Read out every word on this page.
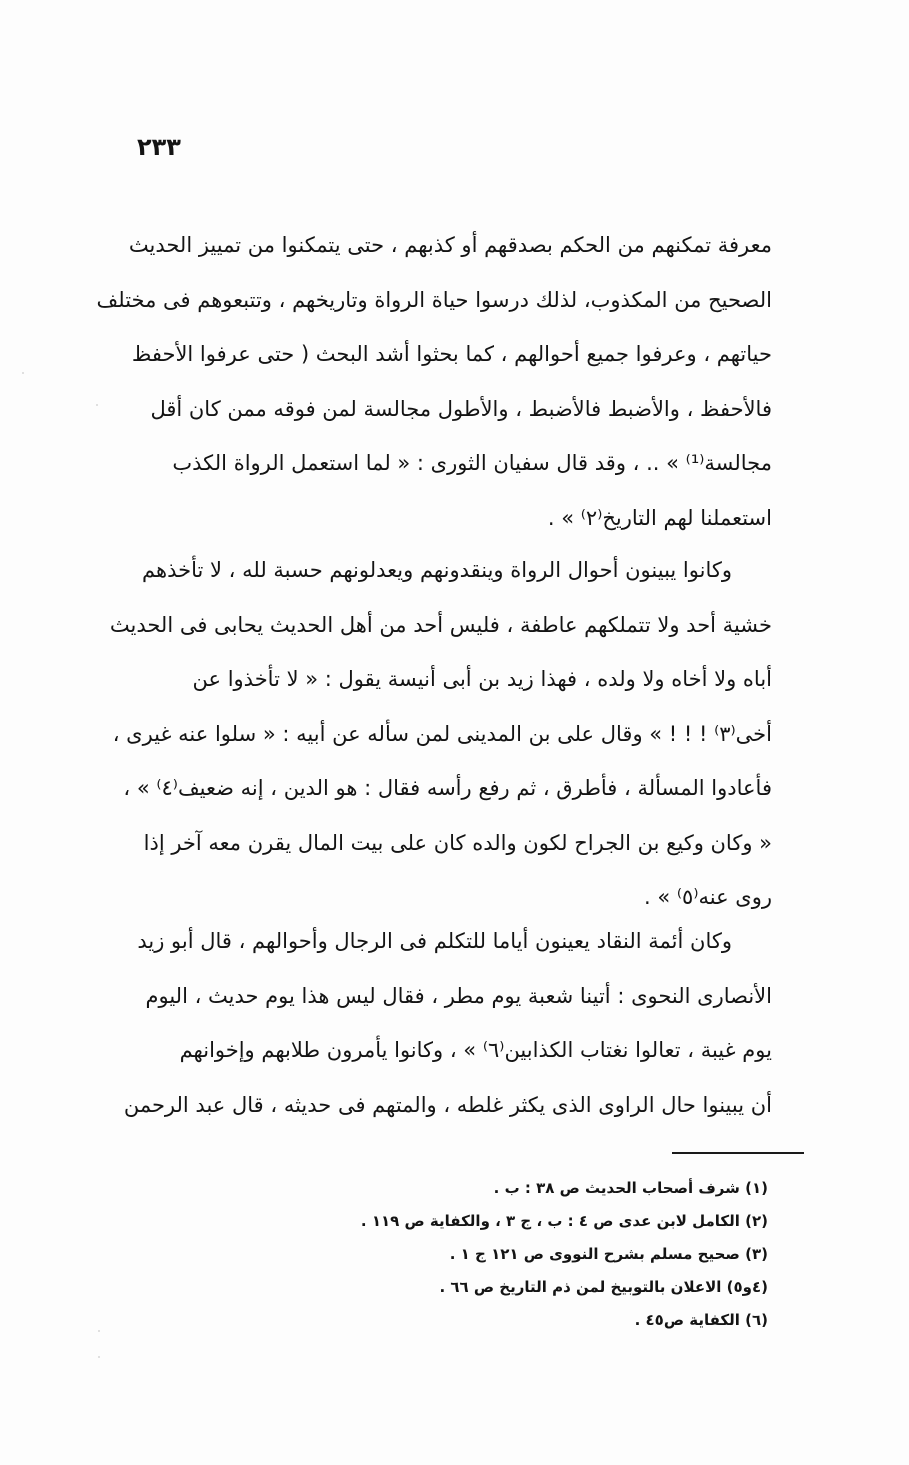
٢٣٣
معرفة تمكنهم من الحكم بصدقهم أو كذبهم ، حتى يتمكنوا من تمييز الحديث
الصحيح من المكذوب، لذلك درسوا حياة الرواة وتاريخهم ، وتتبعوهم فى مختلف
حياتهم ، وعرفوا جميع أحوالهم ، كما بحثوا أشد البحث ( حتى عرفوا الأحفظ
فالأحفظ ، والأضبط فالأضبط ، والأطول مجالسة لمن فوقه ممن كان أقل
مجالسة⁽¹⁾ » .. ، وقد قال سفيان الثورى : « لما استعمل الرواة الكذب
استعملنا لهم التاريخ⁽٢⁾ » .
وكانوا يبينون أحوال الرواة وينقدونهم ويعدلونهم حسبة لله ، لا تأخذهم
خشية أحد ولا تتملكهم عاطفة ، فليس أحد من أهل الحديث يحابى فى الحديث
أباه ولا أخاه ولا ولده ، فهذا زيد بن أبى أنيسة يقول : « لا تأخذوا عن
أخى⁽٣⁾ ! ! ! » وقال على بن المدينى لمن سأله عن أبيه : « سلوا عنه غيرى ،
فأعادوا المسألة ، فأطرق ، ثم رفع رأسه فقال : هو الدين ، إنه ضعيف⁽٤⁾ » ،
« وكان وكيع بن الجراح لكون والده كان على بيت المال يقرن معه آخر إذا
روى عنه⁽٥⁾ » .
وكان أئمة النقاد يعينون أياما للتكلم فى الرجال وأحوالهم ، قال أبو زيد
الأنصارى النحوى : أتينا شعبة يوم مطر ، فقال ليس هذا يوم حديث ، اليوم
يوم غيبة ، تعالوا نغتاب الكذابين⁽٦⁾ » ، وكانوا يأمرون طلابهم وإخوانهم
أن يبينوا حال الراوى الذى يكثر غلطه ، والمتهم فى حديثه ، قال عبد الرحمن
(١) شرف أصحاب الحديث ص ٣٨ : ب .
(٢) الكامل لابن عدى ص ٤ : ب ، ج ٣ ، والكفاية ص ١١٩ .
(٣) صحيح مسلم بشرح النووى ص ١٢١ ج ١ .
(٤و٥) الاعلان بالتوبيخ لمن ذم التاريخ ص ٦٦ .
(٦) الكفاية ص٤٥ .
